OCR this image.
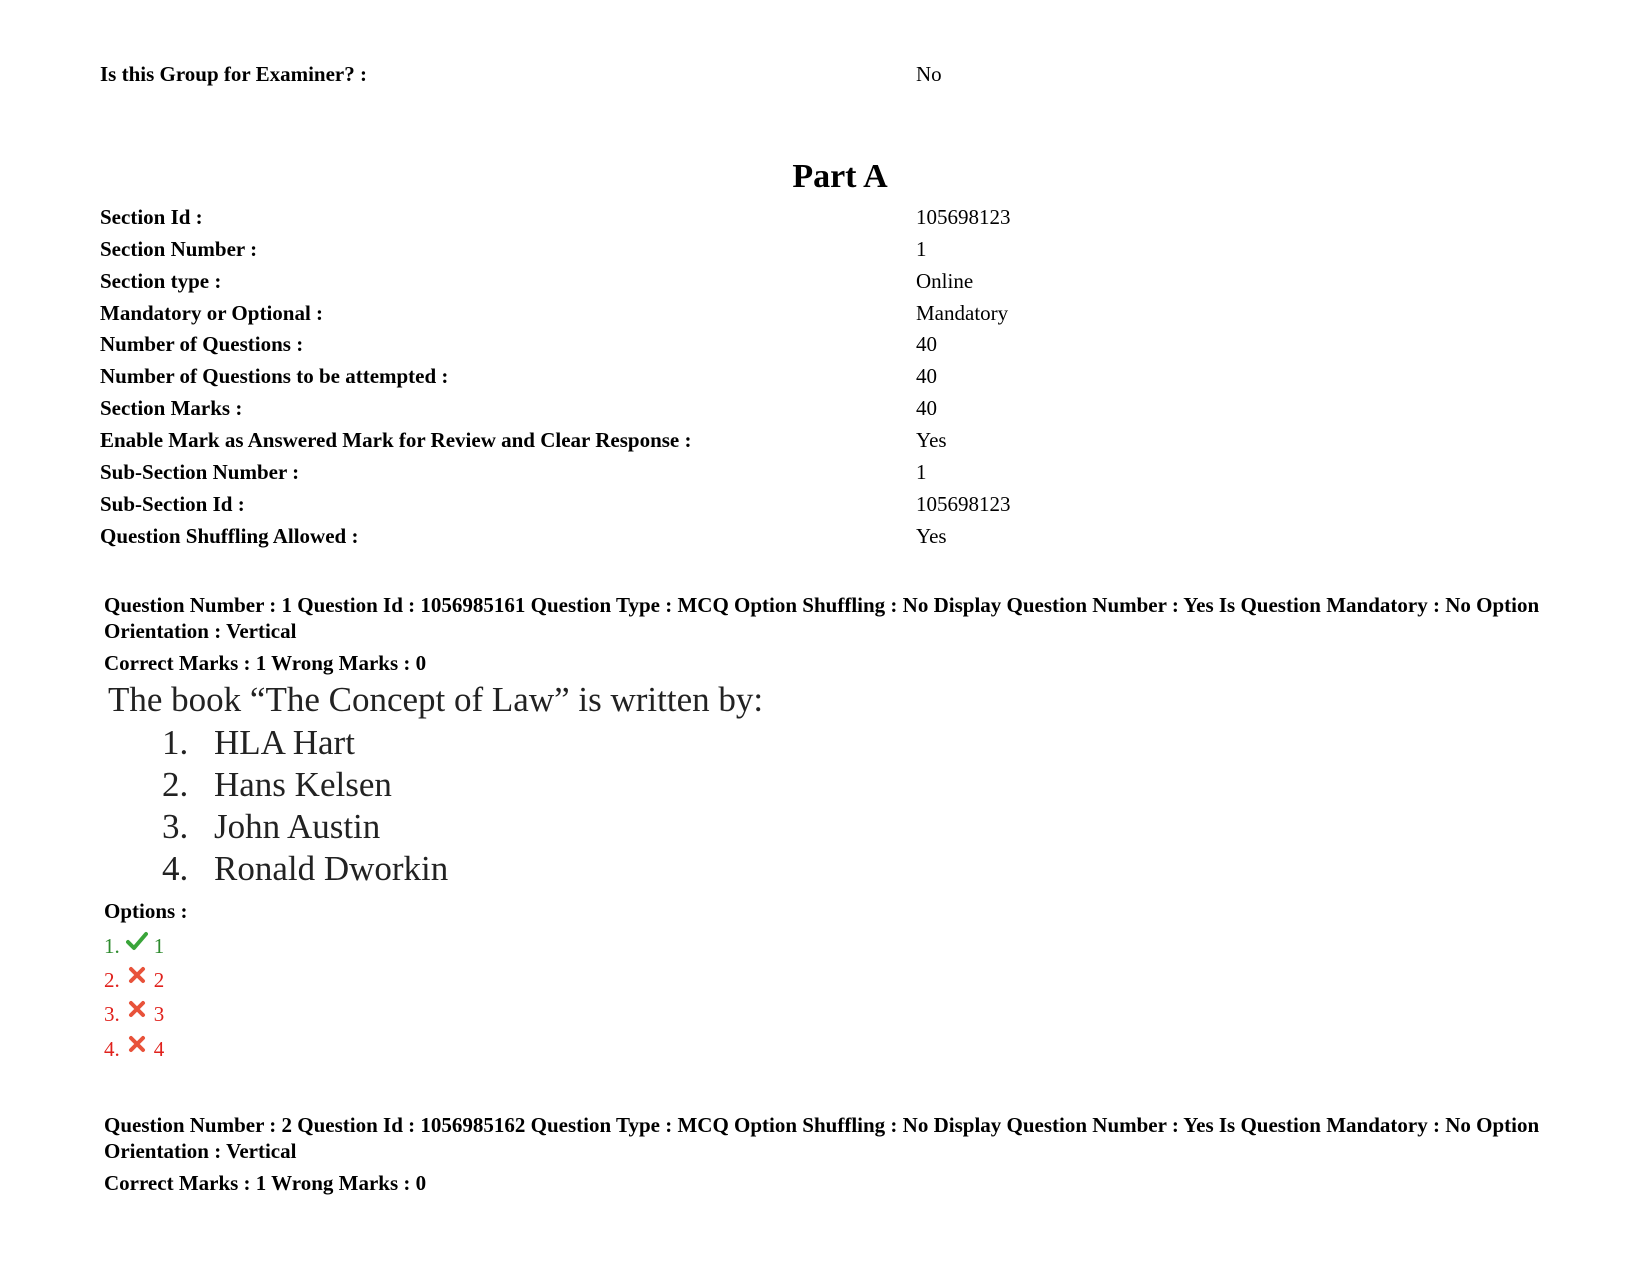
Is this Group for Examiner? :	No
Part A
Section Id :	105698123
Section Number :	1
Section type :	Online
Mandatory or Optional :	Mandatory
Number of Questions :	40
Number of Questions to be attempted :	40
Section Marks :	40
Enable Mark as Answered Mark for Review and Clear Response :	Yes
Sub-Section Number :	1
Sub-Section Id :	105698123
Question Shuffling Allowed :	Yes
Question Number : 1 Question Id : 1056985161 Question Type : MCQ Option Shuffling : No Display Question Number : Yes Is Question Mandatory : No Option Orientation : Vertical
Correct Marks : 1 Wrong Marks : 0
The book “The Concept of Law” is written by:
1. HLA Hart
2. Hans Kelsen
3. John Austin
4. Ronald Dworkin
Options :
1. 1
2. 2
3. 3
4. 4
Question Number : 2 Question Id : 1056985162 Question Type : MCQ Option Shuffling : No Display Question Number : Yes Is Question Mandatory : No Option Orientation : Vertical
Correct Marks : 1 Wrong Marks : 0
